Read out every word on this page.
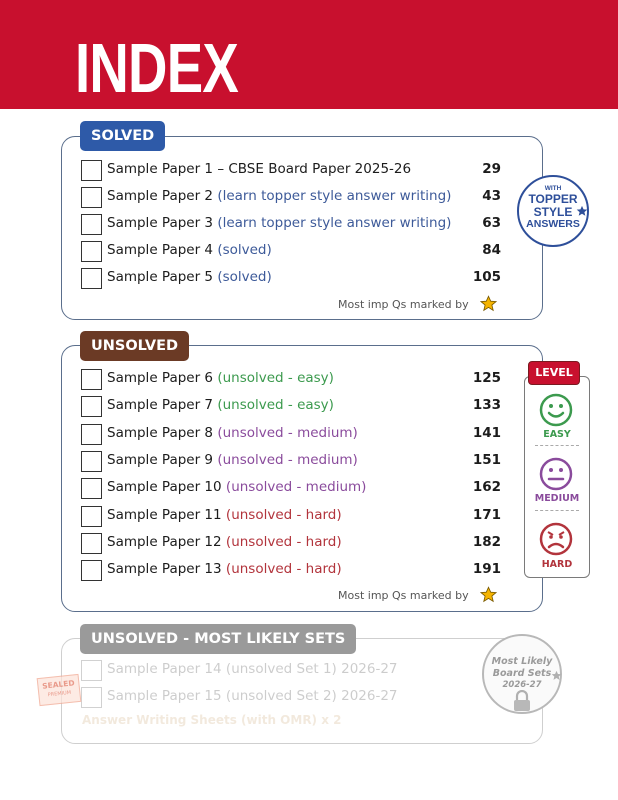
INDEX
SOLVED
Sample Paper 1 – CBSE Board Paper 2025-26	29
Sample Paper 2 (learn topper style answer writing) 43
Sample Paper 3 (learn topper style answer writing) 63
Sample Paper 4 (solved)	84
Sample Paper 5 (solved)	105
Most imp Qs marked by
WITH
TOPPER
STYLE
ANSWERS
UNSOLVED
Sample Paper 6 (unsolved - easy)	125
Sample Paper 7 (unsolved - easy)	133
Sample Paper 8 (unsolved - medium)	141
Sample Paper 9 (unsolved - medium)	151
Sample Paper 10 (unsolved - medium)	162
Sample Paper 11 (unsolved - hard)	171
Sample Paper 12 (unsolved - hard)	182
Sample Paper 13 (unsolved - hard)	191
Most imp Qs marked by
EASY
MEDIUM
HARD
LEVEL
UNSOLVED - MOST LIKELY SETS
Sample Paper 14 (unsolved Set 1) 2026-27
Sample Paper 15 (unsolved Set 2) 2026-27
Answer Writing Sheets (with OMR) x 2
SEALED
PREMIUM
Most Likely
Board Sets
2026-27
